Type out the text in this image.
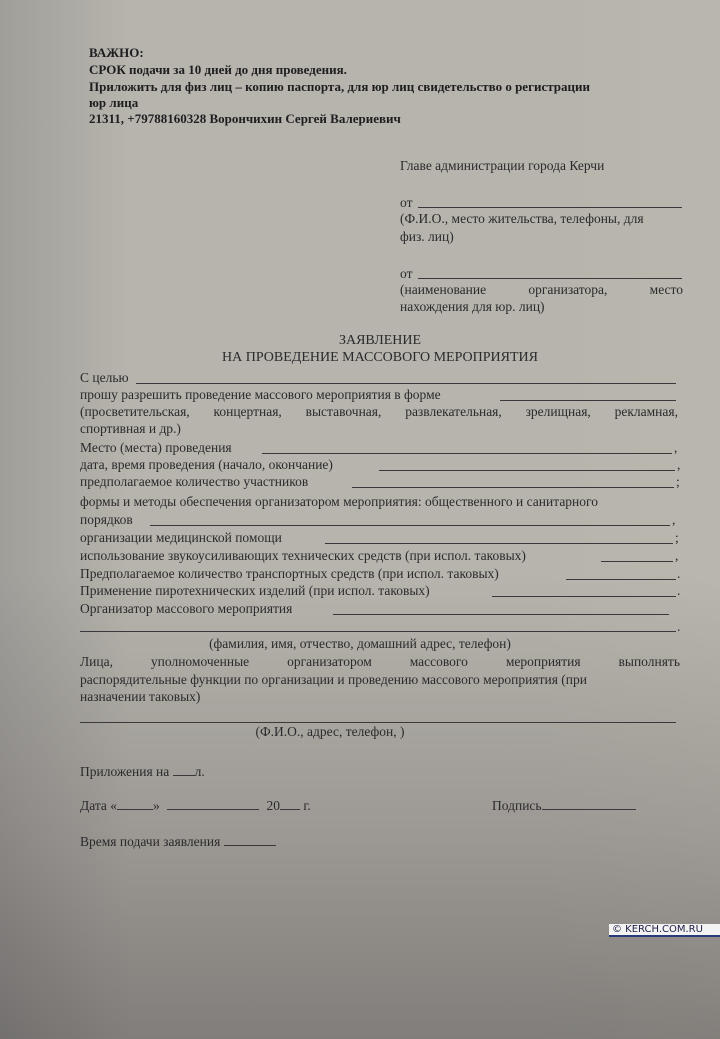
ВАЖНО:
СРОК подачи за 10 дней до дня проведения.
Приложить для физ лиц – копию паспорта, для юр лиц свидетельство о регистрации
юр лица
21311, +79788160328 Ворончихин Сергей Валериевич
Главе администрации города Керчи
от
(Ф.И.О., место жительства, телефоны, для
физ. лиц)
от
(наименование	организатора,	место
нахождения для юр. лиц)
ЗАЯВЛЕНИЕ
НА ПРОВЕДЕНИЕ МАССОВОГО МЕРОПРИЯТИЯ
С целью
прошу разрешить проведение массового мероприятия в форме
(просветительская, концертная, выставочная, развлекательная, зрелищная, рекламная,
спортивная и др.)
Место (места) проведения	,
дата, время проведения (начало, окончание)	,
предполагаемое количество участников	;
формы и методы обеспечения организатором мероприятия: общественного и санитарного
порядков	,
организации медицинской помощи	;
использование звукоусиливающих технических средств (при испол. таковых)	,
Предполагаемое количество транспортных средств (при испол. таковых)	.
Применение пиротехнических изделий (при испол. таковых)	.
Организатор массового мероприятия
.
(фамилия, имя, отчество, домашний адрес, телефон)
Лица,	уполномоченные	организатором	массового	мероприятия	выполнять
распорядительные функции по организации и проведению массового мероприятия (при
назначении таковых)
(Ф.И.О., адрес, телефон, )
Приложения на л.
Дата «	»	20 г.	Подпись
Время подачи заявления
© KERCH.COM.RU
